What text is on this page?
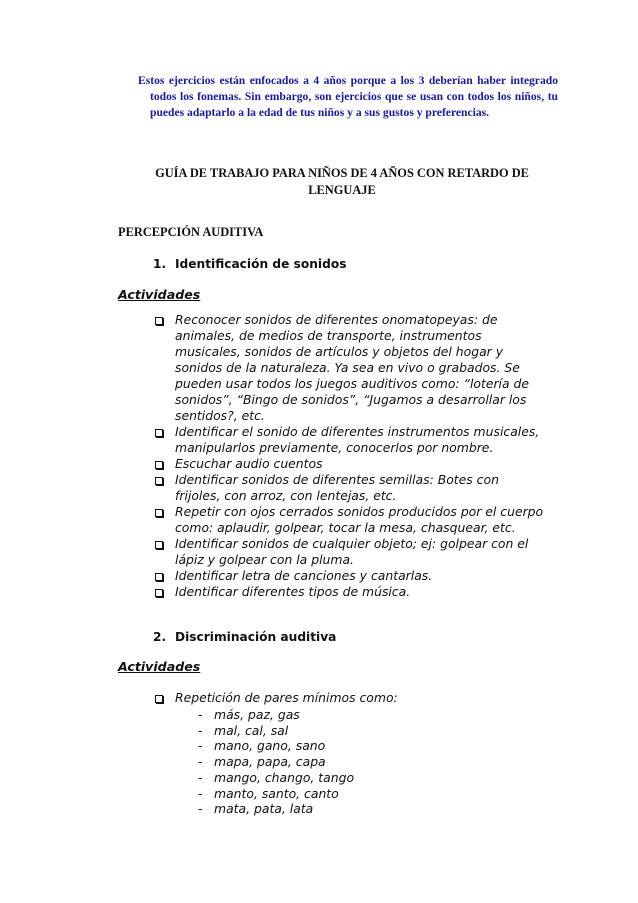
Estos ejercicios están enfocados a 4 años porque a los 3 deberían haber integrado todos los fonemas. Sin embargo, son ejercicios que se usan con todos los niños, tu puedes adaptarlo a la edad de tus niños y a sus gustos y preferencias.
GUÍA DE TRABAJO PARA NIÑOS DE 4 AÑOS CON RETARDO DE
LENGUAJE
PERCEPCIÓN AUDITIVA
1. Identificación de sonidos
Actividades
Reconocer sonidos de diferentes onomatopeyas: de animales, de medios de transporte, instrumentos musicales, sonidos de artículos y objetos del hogar y sonidos de la naturaleza. Ya sea en vivo o grabados. Se pueden usar todos los juegos auditivos como: “lotería de sonidos”, “Bingo de sonidos”, “Jugamos a desarrollar los sentidos?, etc.
Identificar el sonido de diferentes instrumentos musicales, manipularlos previamente, conocerlos por nombre.
Escuchar audio cuentos
Identificar sonidos de diferentes semillas: Botes con frijoles, con arroz, con lentejas, etc.
Repetir con ojos cerrados sonidos producidos por el cuerpo como: aplaudir, golpear, tocar la mesa, chasquear, etc.
Identificar sonidos de cualquier objeto; ej: golpear con el lápiz y golpear con la pluma.
Identificar letra de canciones y cantarlas.
Identificar diferentes tipos de música.
2. Discriminación auditiva
Actividades
Repetición de pares mínimos como:
- más, paz, gas
- mal, cal, sal
- mano, gano, sano
- mapa, papa, capa
- mango, chango, tango
- manto, santo, canto
- mata, pata, lata
